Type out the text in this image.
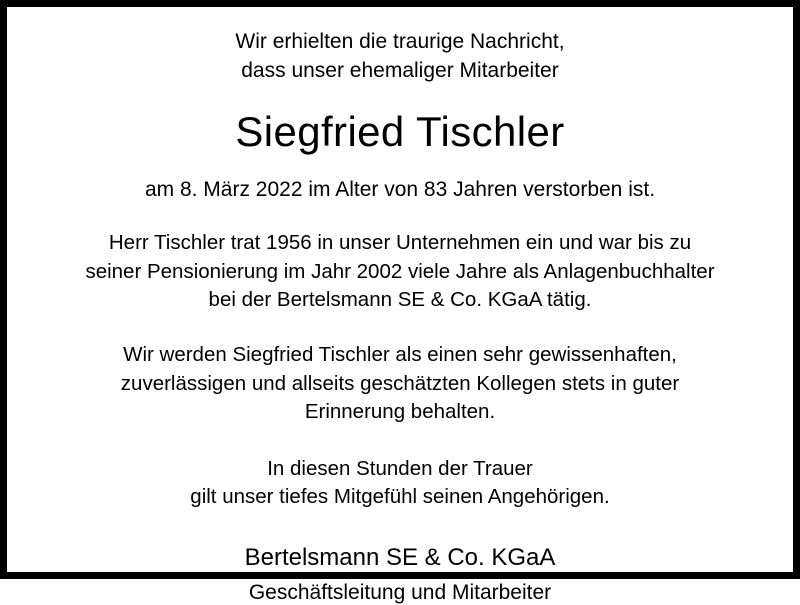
Wir erhielten die traurige Nachricht,
dass unser ehemaliger Mitarbeiter
Siegfried Tischler
am 8. März 2022 im Alter von 83 Jahren verstorben ist.
Herr Tischler trat 1956 in unser Unternehmen ein und war bis zu
seiner Pensionierung im Jahr 2002 viele Jahre als Anlagenbuchhalter
bei der Bertelsmann SE & Co. KGaA tätig.
Wir werden Siegfried Tischler als einen sehr gewissenhaften,
zuverlässigen und allseits geschätzten Kollegen stets in guter
Erinnerung behalten.
In diesen Stunden der Trauer
gilt unser tiefes Mitgefühl seinen Angehörigen.
Bertelsmann SE & Co. KGaA
Geschäftsleitung und Mitarbeiter
